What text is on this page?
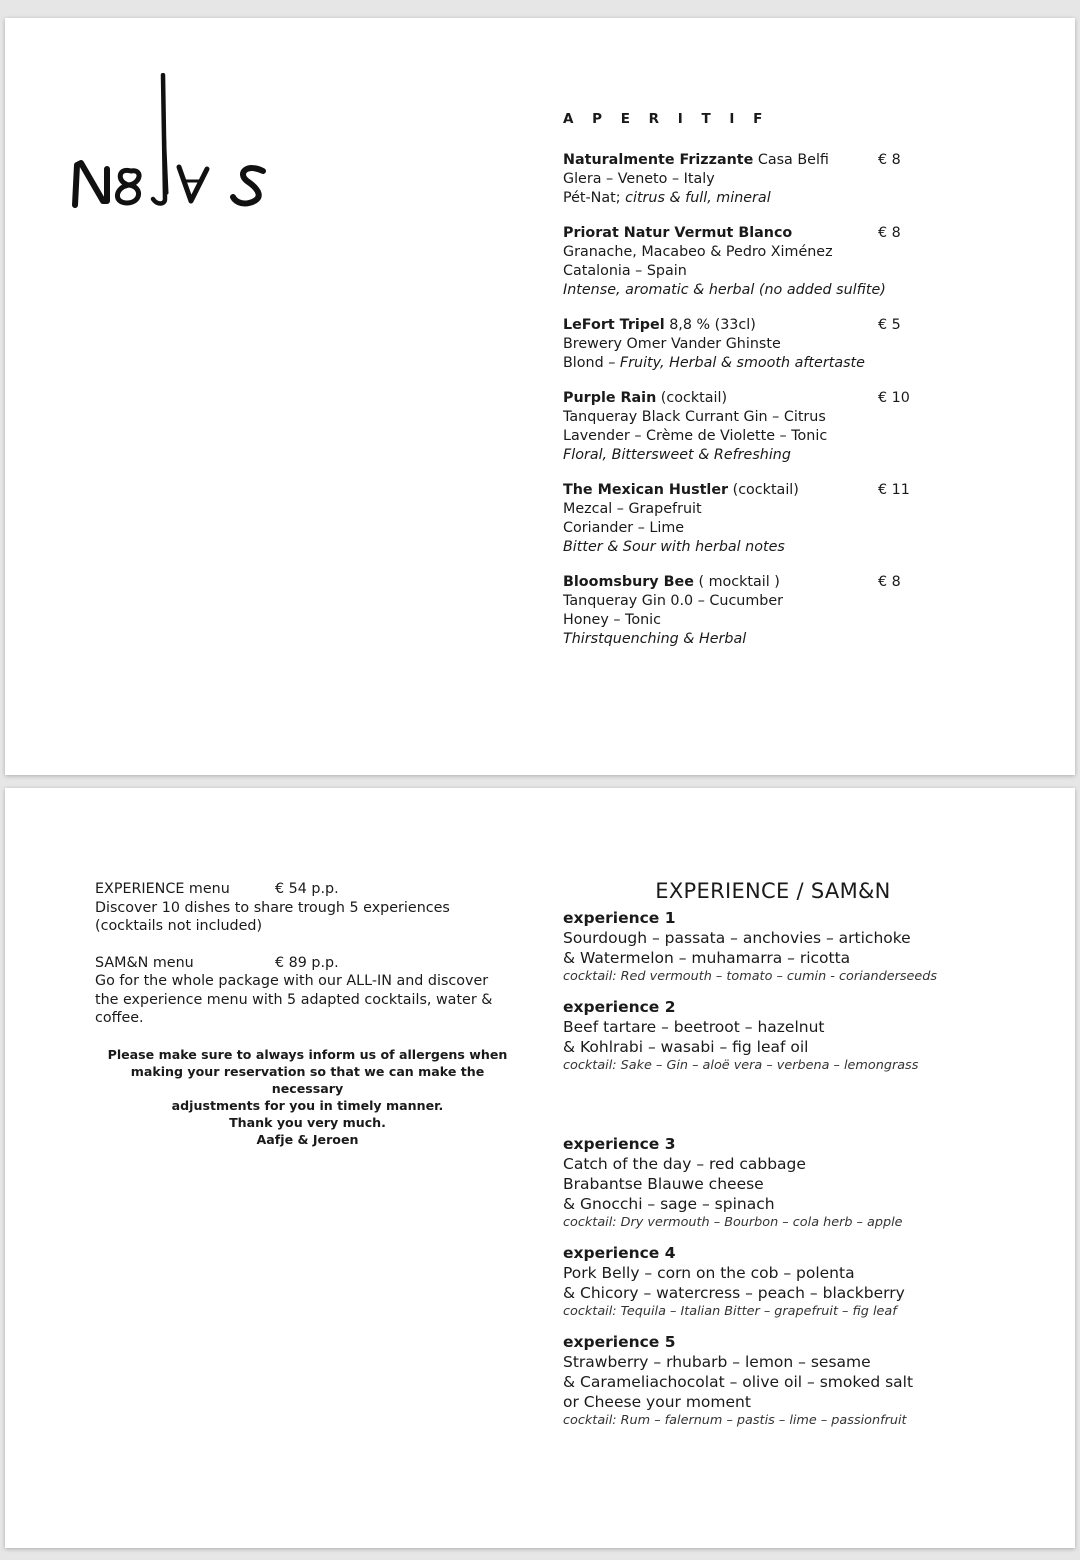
A P E R I T I F
Naturalmente Frizzante Casa Belfi	€ 8
Glera – Veneto – Italy
Pét-Nat; citrus & full, mineral
Priorat Natur Vermut Blanco	€ 8
Granache, Macabeo & Pedro Ximénez
Catalonia – Spain
Intense, aromatic & herbal (no added sulfite)
LeFort Tripel 8,8 % (33cl)	€ 5
Brewery Omer Vander Ghinste
Blond – Fruity, Herbal & smooth aftertaste
Purple Rain (cocktail)	€ 10
Tanqueray Black Currant Gin – Citrus
Lavender – Crème de Violette – Tonic
Floral, Bittersweet & Refreshing
The Mexican Hustler (cocktail)	€ 11
Mezcal – Grapefruit
Coriander – Lime
Bitter & Sour with herbal notes
Bloomsbury Bee ( mocktail )	€ 8
Tanqueray Gin 0.0 – Cucumber
Honey – Tonic
Thirstquenching & Herbal
EXPERIENCE menu	€ 54 p.p.
Discover 10 dishes to share trough 5 experiences
(cocktails not included)
SAM&N menu	€ 89 p.p.
Go for the whole package with our ALL-IN and discover
the experience menu with 5 adapted cocktails, water &
coffee.
Please make sure to always inform us of allergens when
making your reservation so that we can make the necessary
adjustments for you in timely manner.
Thank you very much.
Aafje & Jeroen
EXPERIENCE / SAM&N
experience 1
Sourdough – passata – anchovies – artichoke
& Watermelon – muhamarra – ricotta
cocktail: Red vermouth – tomato – cumin - corianderseeds
experience 2
Beef tartare – beetroot – hazelnut
& Kohlrabi – wasabi – fig leaf oil
cocktail: Sake – Gin – aloë vera – verbena – lemongrass
experience 3
Catch of the day – red cabbage
Brabantse Blauwe cheese
& Gnocchi – sage – spinach
cocktail: Dry vermouth – Bourbon – cola herb – apple
experience 4
Pork Belly – corn on the cob – polenta
& Chicory – watercress – peach – blackberry
cocktail: Tequila – Italian Bitter – grapefruit – fig leaf
experience 5
Strawberry – rhubarb – lemon – sesame
& Carameliachocolat – olive oil – smoked salt
or Cheese your moment
cocktail: Rum – falernum – pastis – lime – passionfruit
